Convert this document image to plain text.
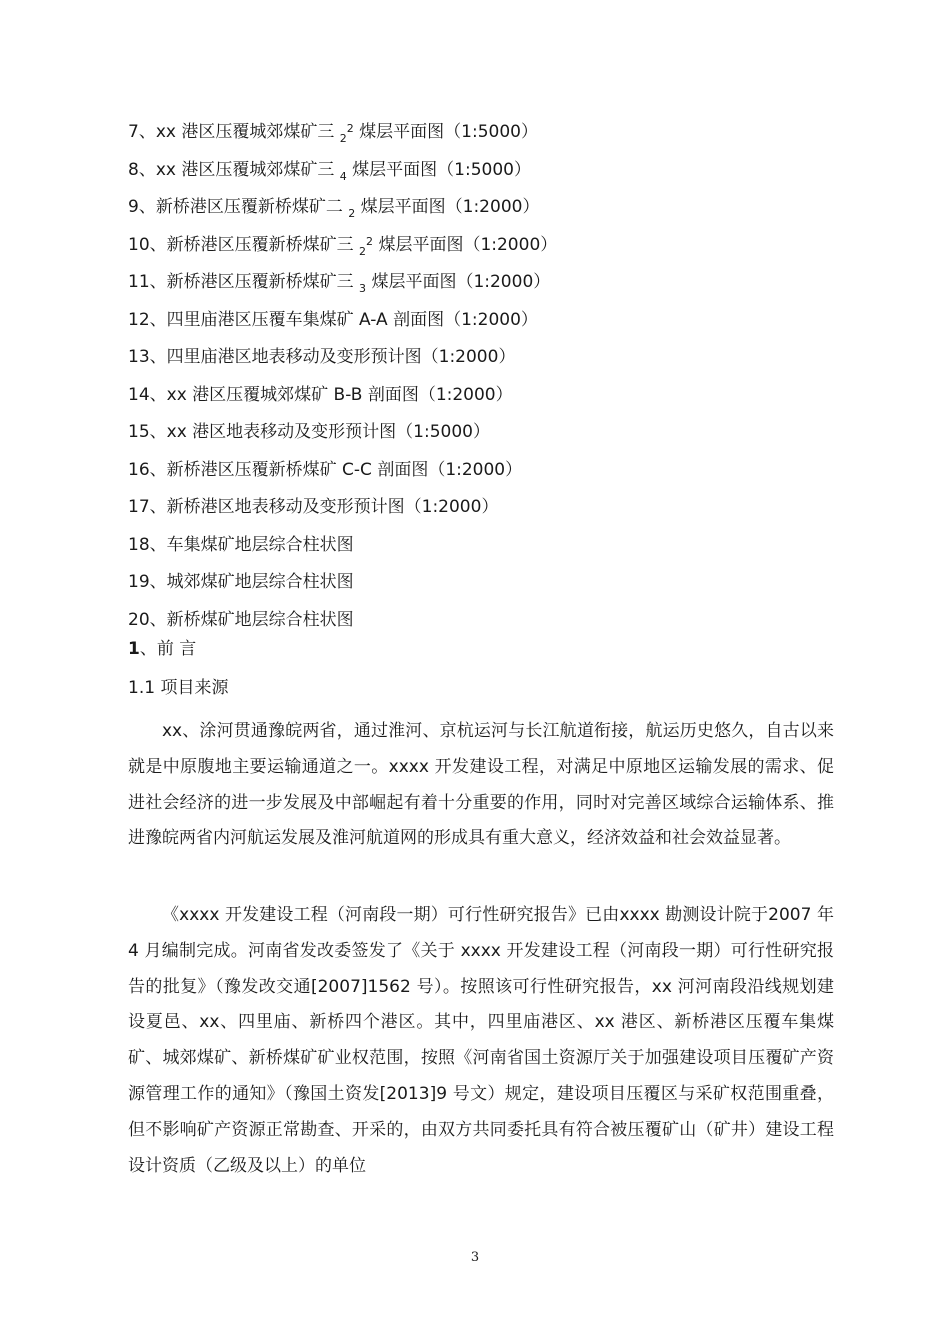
7、xx 港区压覆城郊煤矿三 $_2^2$ 煤层平面图（1:5000）
8、xx 港区压覆城郊煤矿三 $_4$ 煤层平面图（1:5000）
9、新桥港区压覆新桥煤矿二 $_2$ 煤层平面图（1:2000）
10、新桥港区压覆新桥煤矿三 $_2^2$ 煤层平面图（1:2000）
11、新桥港区压覆新桥煤矿三 $_3$ 煤层平面图（1:2000）
12、四里庙港区压覆车集煤矿 A-A 剖面图（1:2000）
13、四里庙港区地表移动及变形预计图（1:2000）
14、xx 港区压覆城郊煤矿 B-B 剖面图（1:2000）
15、xx 港区地表移动及变形预计图（1:5000）
16、新桥港区压覆新桥煤矿 C-C 剖面图（1:2000）
17、新桥港区地表移动及变形预计图（1:2000）
18、车集煤矿地层综合柱状图
19、城郊煤矿地层综合柱状图
20、新桥煤矿地层综合柱状图
1、前 言
1.1 项目来源

xx、涂河贯通豫皖两省，通过淮河、京杭运河与长江航道衔接，航运历史悠久，自古以来就是中原腹地主要运输通道之一。xxxx 开发建设工程，对满足中原地区运输发展的需求、促进社会经济的进一步发展及中部崛起有着十分重要的作用，同时对完善区域综合运输体系、推进豫皖两省内河航运发展及淮河航道网的形成具有重大意义，经济效益和社会效益显著。

《xxxx 开发建设工程（河南段一期）可行性研究报告》已由xxxx 勘测设计院于2007 年 4 月编制完成。河南省发改委签发了《关于 xxxx 开发建设工程（河南段一期）可行性研究报告的批复》（豫发改交通[2007]1562 号）。按照该可行性研究报告，xx 河河南段沿线规划建设夏邑、xx、四里庙、新桥四个港区。其中，四里庙港区、xx 港区、新桥港区压覆车集煤矿、城郊煤矿、新桥煤矿矿业权范围，按照《河南省国土资源厅关于加强建设项目压覆矿产资源管理工作的通知》（豫国土资发[2013]9 号文）规定，建设项目压覆区与采矿权范围重叠，但不影响矿产资源正常勘查、开采的，由双方共同委托具有符合被压覆矿山（矿井）建设工程设计资质（乙级及以上）的单位

3
